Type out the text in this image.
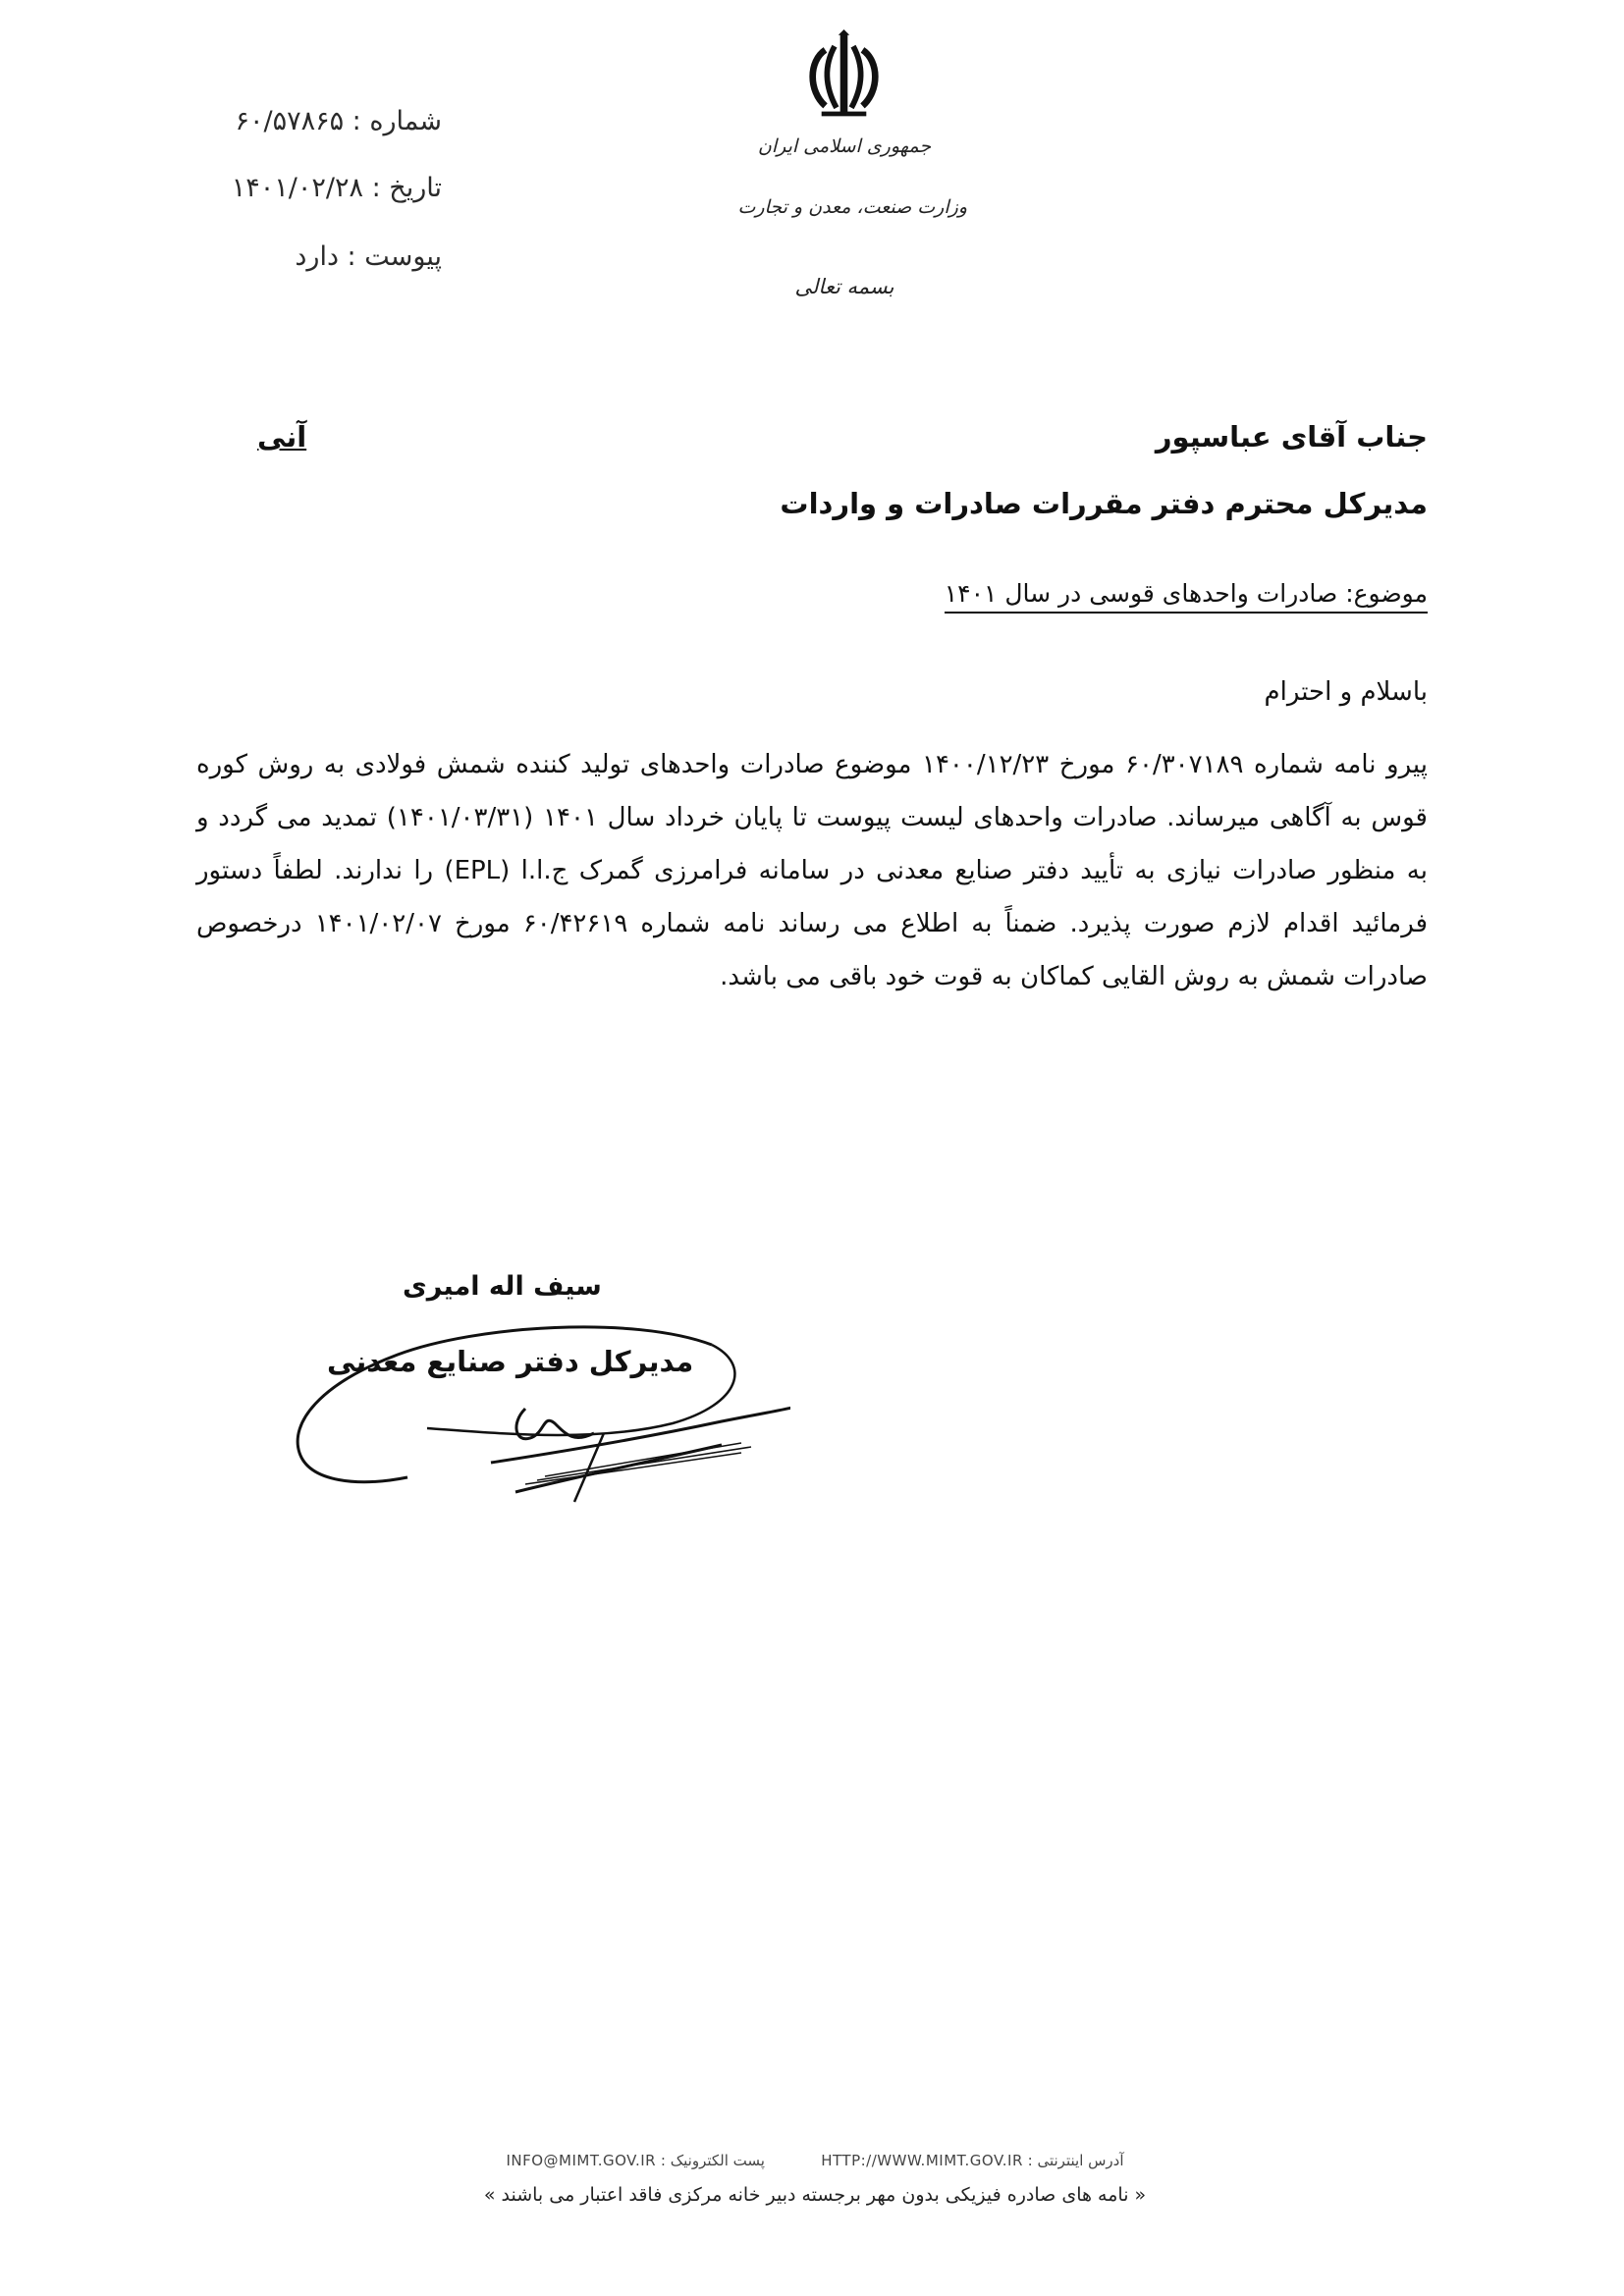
شماره : ۶۰/۵۷۸۶۵
تاریخ : ۱۴۰۱/۰۲/۲۸
پیوست : دارد
جمهوری اسلامی ایران
وزارت صنعت، معدن و تجارت
بسمه تعالی
جناب آقای عباسپور
مدیرکل محترم دفتر مقررات صادرات و واردات
آنی
موضوع: صادرات واحدهای قوسی در سال ۱۴۰۱
باسلام و احترام
پیرو نامه شماره ۶۰/۳۰۷۱۸۹ مورخ ۱۴۰۰/۱۲/۲۳ موضوع صادرات واحدهای تولید کننده شمش فولادی به روش کوره قوس به آگاهی میرساند. صادرات واحدهای لیست پیوست تا پایان خرداد سال ۱۴۰۱ (۱۴۰۱/۰۳/۳۱) تمدید می گردد و به منظور صادرات نیازی به تأیید دفتر صنایع معدنی در سامانه فرامرزی گمرک ج.ا.ا (EPL) را ندارند. لطفاً دستور فرمائید اقدام لازم صورت پذیرد. ضمناً به اطلاع می رساند نامه شماره ۶۰/۴۲۶۱۹ مورخ ۱۴۰۱/۰۲/۰۷ درخصوص صادرات شمش به روش القایی کماکان به قوت خود باقی می باشد.
سیف اله امیری
مدیرکل دفتر صنایع معدنی
آدرس اینترنتی : HTTP://WWW.MIMT.GOV.IR پست الکترونیک : INFO@MIMT.GOV.IR
« نامه های صادره فیزیکی بدون مهر برجسته دبیر خانه مرکزی فاقد اعتبار می باشند »
